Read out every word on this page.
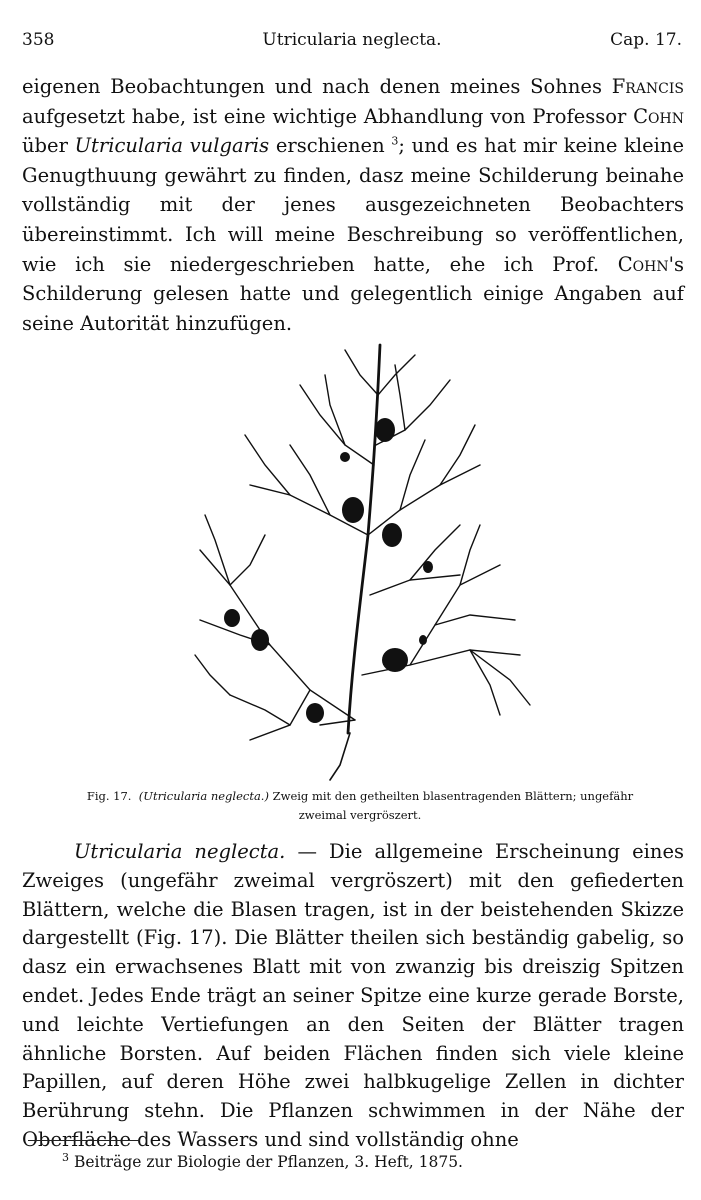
358	Utricularia neglecta.	Cap. 17.
eigenen Beobachtungen und nach denen meines Sohnes Francis aufgesetzt habe, ist eine wichtige Abhandlung von Professor Cohn über Utricularia vulgaris erschienen $^3$; und es hat mir keine kleine Genugthuung gewährt zu finden, dasz meine Schilderung beinahe vollständig mit der jenes ausgezeichneten Beobachters übereinstimmt. Ich will meine Beschreibung so veröffentlichen, wie ich sie niedergeschrieben hatte, ehe ich Prof. Cohn's Schilderung gelesen hatte und gelegentlich einige Angaben auf seine Autorität hinzufügen.
Fig. 17. (Utricularia neglecta.) Zweig mit den getheilten blasentragenden Blättern; ungefähr zweimal vergröszert.
Utricularia neglecta. — Die allgemeine Erscheinung eines Zweiges (ungefähr zweimal vergröszert) mit den gefiederten Blättern, welche die Blasen tragen, ist in der beistehenden Skizze dargestellt (Fig. 17). Die Blätter theilen sich beständig gabelig, so dasz ein erwachsenes Blatt mit von zwanzig bis dreiszig Spitzen endet. Jedes Ende trägt an seiner Spitze eine kurze gerade Borste, und leichte Vertiefungen an den Seiten der Blätter tragen ähnliche Borsten. Auf beiden Flächen finden sich viele kleine Papillen, auf deren Höhe zwei halbkugelige Zellen in dichter Berührung stehn. Die Pflanzen schwimmen in der Nähe der Oberfläche des Wassers und sind vollständig ohne
$^3$ Beiträge zur Biologie der Pflanzen, 3. Heft, 1875.
